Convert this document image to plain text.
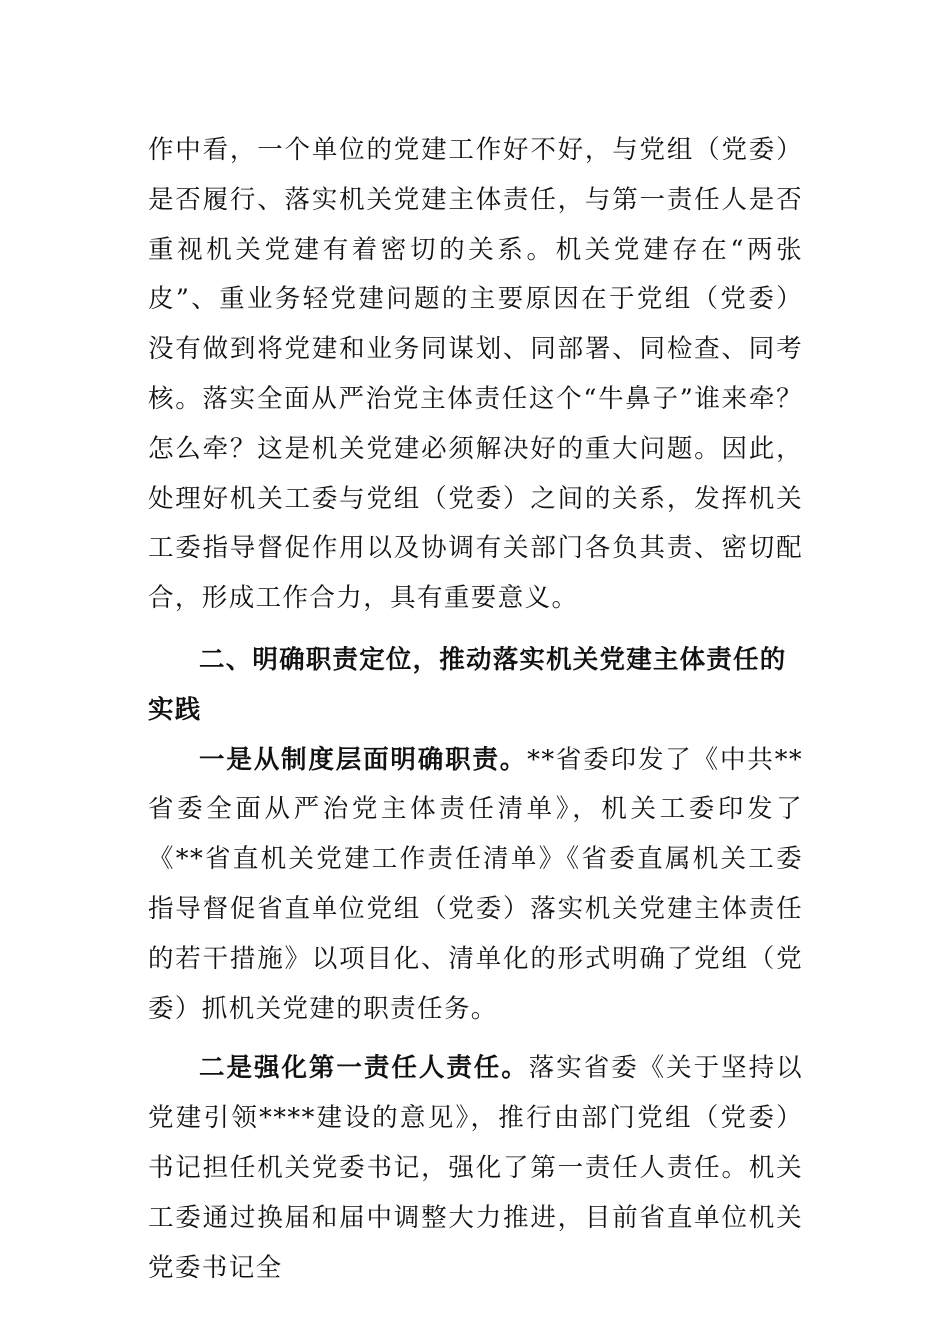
作中看，一个单位的党建工作好不好，与党组（党委）是否履行、落实机关党建主体责任，与第一责任人是否重视机关党建有着密切的关系。机关党建存在“两张皮”、重业务轻党建问题的主要原因在于党组（党委）没有做到将党建和业务同谋划、同部署、同检查、同考核。落实全面从严治党主体责任这个“牛鼻子”谁来牵？怎么牵？这是机关党建必须解决好的重大问题。因此，处理好机关工委与党组（党委）之间的关系，发挥机关工委指导督促作用以及协调有关部门各负其责、密切配合，形成工作合力，具有重要意义。

二、明确职责定位，推动落实机关党建主体责任的实践

一是从制度层面明确职责。**省委印发了《中共**省委全面从严治党主体责任清单》，机关工委印发了《**省直机关党建工作责任清单》《省委直属机关工委指导督促省直单位党组（党委）落实机关党建主体责任的若干措施》以项目化、清单化的形式明确了党组（党委）抓机关党建的职责任务。

二是强化第一责任人责任。落实省委《关于坚持以党建引领****建设的意见》，推行由部门党组（党委）书记担任机关党委书记，强化了第一责任人责任。机关工委通过换届和届中调整大力推进，目前省直单位机关党委书记全
